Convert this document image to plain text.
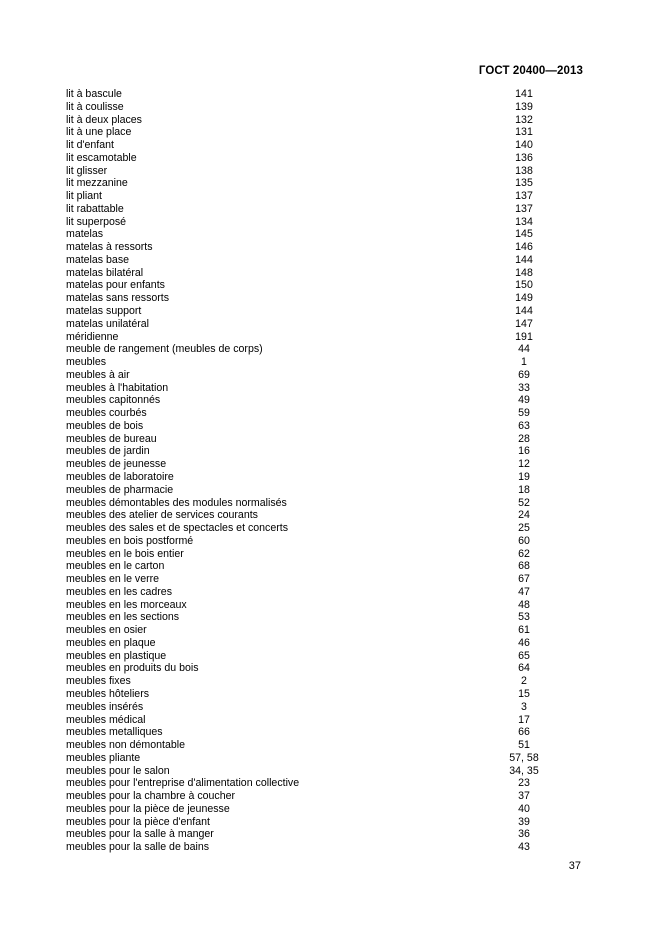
ГОСТ 20400—2013
lit à bascule	141
lit à coulisse	139
lit à deux places	132
lit à une place	131
lit d'enfant	140
lit escamotable	136
lit glisser	138
lit mezzanine	135
lit pliant	137
lit rabattable	137
lit superposé	134
matelas	145
matelas à ressorts	146
matelas base	144
matelas bilatéral	148
matelas pour enfants	150
matelas sans ressorts	149
matelas support	144
matelas unilatéral	147
méridienne	191
meuble de rangement (meubles de corps)	44
meubles	1
meubles à air	69
meubles à l'habitation	33
meubles capitonnés	49
meubles courbés	59
meubles de bois	63
meubles de bureau	28
meubles de jardin	16
meubles de jeunesse	12
meubles de laboratoire	19
meubles de pharmacie	18
meubles démontables des modules normalisés	52
meubles des atelier de services courants	24
meubles des sales et de spectacles et concerts	25
meubles en bois postformé	60
meubles en le bois entier	62
meubles en le carton	68
meubles en le verre	67
meubles en les cadres	47
meubles en les morceaux	48
meubles en les sections	53
meubles en osier	61
meubles en plaque	46
meubles en plastique	65
meubles en produits du bois	64
meubles fixes	2
meubles hôteliers	15
meubles insérés	3
meubles médical	17
meubles metalliques	66
meubles non démontable	51
meubles pliante	57, 58
meubles pour le salon	34, 35
meubles pour l'entreprise d'alimentation collective	23
meubles pour la chambre à coucher	37
meubles pour la pièce de jeunesse	40
meubles pour la pièce d'enfant	39
meubles pour la salle à manger	36
meubles pour la salle de bains	43
37
